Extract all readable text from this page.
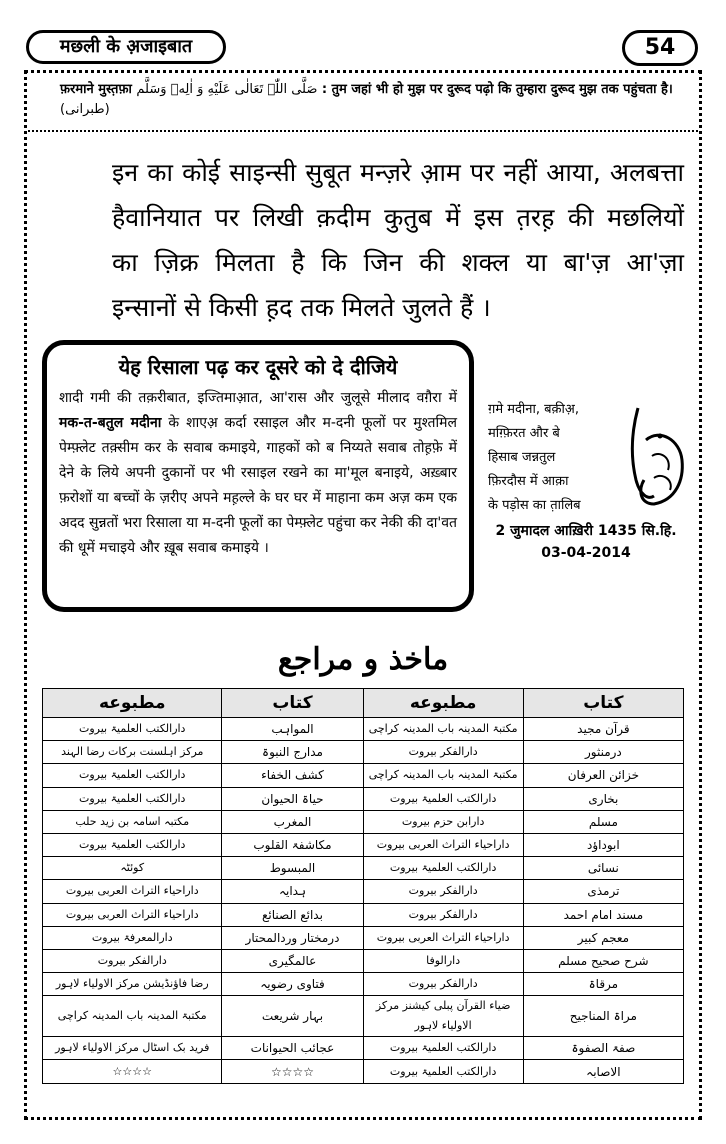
मछली के अ़जाइबात	54
फ़रमाने मुस्त़फ़ा صَلَّی اللّٰہ تَعَالٰی عَلَيْهِ وَ اٰلِهٖ وَسَلَّم : तुम जहां भी हो मुझ पर दुरूद पढ़ो कि तुम्हारा दुरूद मुझ तक पहुंचता है। (طبرانی)
इन का कोई साइन्सी सुबूत मन्ज़रे आ़म पर नहीं आया, अलबत्ता
हैवानियात पर लिखी क़दीम कुतुब में इस त़रह़ की मछलियों
का ज़िक्र मिलता है कि जिन की शक्ल या बा'ज़ आ'ज़ा
इन्सानों से किसी ह़द तक मिलते जुलते हैं ।
येह रिसाला पढ़ कर दूसरे को दे दीजिये
शादी गमी की तक़रीबात, इज्तिमाआ़त, आ'रास और जुलूसे मीलाद वग़ैरा में मक-त-बतुल मदीना के शाएअ़ कर्दा रसाइल और म-दनी फूलों पर मुश्तमिल पेम्फ़्लेट तक़्सीम कर के सवाब कमाइये, गाहकों को ब निय्यते सवाब तोह़फ़े में देने के लिये अपनी दुकानों पर भी रसाइल रखने का मा'मूल बनाइये, अख़्बार फ़रोशों या बच्चों के ज़रीए अपने मह़ल्ले के घर घर में माहाना कम अज़ कम एक अदद सुन्नतों भरा रिसाला या म-दनी फूलों का पेम्फ़्लेट पहुंचा कर नेकी की दा'वत की धूमें मचाइये और ख़ूब सवाब कमाइये ।
ग़मे मदीना, बक़ीअ़,
मग़्फ़िरत और बे
हिसाब जन्नतुल
फ़िरदौस में आक़ा
के पड़ोस का त़ालिब
2 जुमादल आख़िरी 1435 सि.हि.
03-04-2014
ماخذ و مراجع
کتاب	مطبوعه	کتاب	مطبوعه
قرآن مجید	مکتبۃ المدینہ باب المدینہ کراچی	المواہب	دارالکتب العلمیۃ بیروت
درمنثور	دارالفکر بیروت	مدارج النبوۃ	مرکز اہلسنت برکات رضا الہند
خزائن العرفان	مکتبۃ المدینہ باب المدینہ کراچی	کشف الخفاء	دارالکتب العلمیۃ بیروت
بخاری	دارالکتب العلمیۃ بیروت	حیاۃ الحیوان	دارالکتب العلمیۃ بیروت
مسلم	دارابن حزم بیروت	المغرب	مکتبہ اسامہ بن زید حلب
ابوداؤد	داراحیاء التراث العربی بیروت	مکاشفۃ القلوب	دارالکتب العلمیۃ بیروت
نسائی	دارالکتب العلمیۃ بیروت	المبسوط	کوئٹہ
ترمذی	دارالفکر بیروت	ہدایہ	داراحیاء التراث العربی بیروت
مسند امام احمد	دارالفکر بیروت	بدائع الصنائع	داراحیاء التراث العربی بیروت
معجم کبیر	داراحیاء التراث العربی بیروت	درمختار وردالمحتار	دارالمعرفۃ بیروت
شرح صحیح مسلم	دارالوفا	عالمگیری	دارالفکر بیروت
مرقاۃ	دارالفکر بیروت	فتاوی رضویہ	رضا فاؤنڈیشن مرکز الاولیاء لاہور
مراۃ المناجیح	ضیاء القرآن پبلی کیشنز مرکز الاولیاء لاہور	بہار شریعت	مکتبۃ المدینہ باب المدینہ کراچی
صفۃ الصفوۃ	دارالکتب العلمیۃ بیروت	عجائب الحیوانات	فرید بک اسٹال مرکز الاولیاء لاہور
الاصابہ	دارالکتب العلمیۃ بیروت	☆☆☆☆	☆☆☆☆
